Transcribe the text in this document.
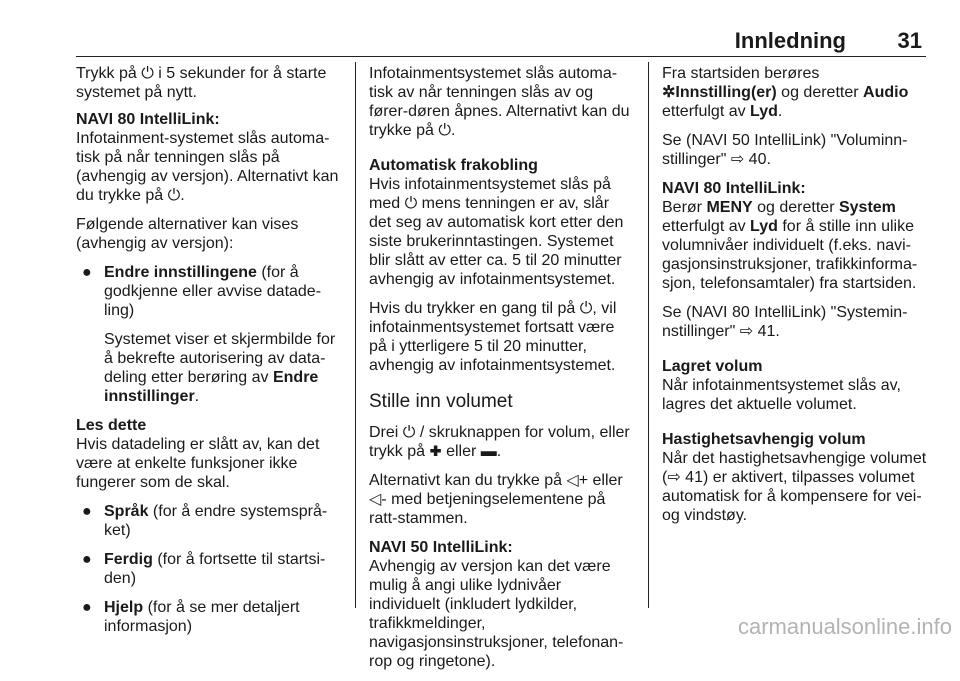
Innledning 31

Trykk på ⏻ i 5 sekunder for å starte systemet på nytt.

NAVI 80 IntelliLink:
Infotainment-systemet slås automa-tisk på når tenningen slås på (avhengig av versjon). Alternativt kan du trykke på ⏻.

Følgende alternativer kan vises (avhengig av versjon):

● Endre innstillingene (for å godkjenne eller avvise datade-ling)
Systemet viser et skjermbilde for å bekrefte autorisering av data-deling etter berøring av Endre innstillinger.

Les dette
Hvis datadeling er slått av, kan det være at enkelte funksjoner ikke fungerer som de skal.

● Språk (for å endre systemsprå-ket)
● Ferdig (for å fortsette til startsi-den)
● Hjelp (for å se mer detaljert informasjon)

Infotainmentsystemet slås automa-tisk av når tenningen slås av og fører-døren åpnes. Alternativt kan du trykke på ⏻.

Automatisk frakobling
Hvis infotainmentsystemet slås på med ⏻ mens tenningen er av, slår det seg av automatisk kort etter den siste brukerinntastingen. Systemet blir slått av etter ca. 5 til 20 minutter avhengig av infotainmentsystemet.

Hvis du trykker en gang til på ⏻, vil infotainmentsystemet fortsatt være på i ytterligere 5 til 20 minutter, avhengig av infotainmentsystemet.

Stille inn volumet

Drei ⏻ / skruknappen for volum, eller trykk på ✚ eller ▬.

Alternativt kan du trykke på ◁+ eller ◁- med betjeningselementene på ratt-stammen.

NAVI 50 IntelliLink:
Avhengig av versjon kan det være mulig å angi ulike lydnivåer individuelt (inkludert lydkilder, trafikkmeldinger, navigasjonsinstruksjoner, telefonan-rop og ringetone).

Fra startsiden berøres ✲Innstilling(er) og deretter Audio etterfulgt av Lyd.

Se (NAVI 50 IntelliLink) "Voluminn-stillinger" ⇨ 40.

NAVI 80 IntelliLink:
Berør MENY og deretter System etterfulgt av Lyd for å stille inn ulike volumnivåer individuelt (f.eks. navi-gasjonsinstruksjoner, trafikkinforma-sjon, telefonsamtaler) fra startsiden.

Se (NAVI 80 IntelliLink) "Systemin-nstillinger" ⇨ 41.

Lagret volum
Når infotainmentsystemet slås av, lagres det aktuelle volumet.

Hastighetsavhengig volum
Når det hastighetsavhengige volumet (⇨ 41) er aktivert, tilpasses volumet automatisk for å kompensere for vei- og vindstøy.

carmanualsonline.info
